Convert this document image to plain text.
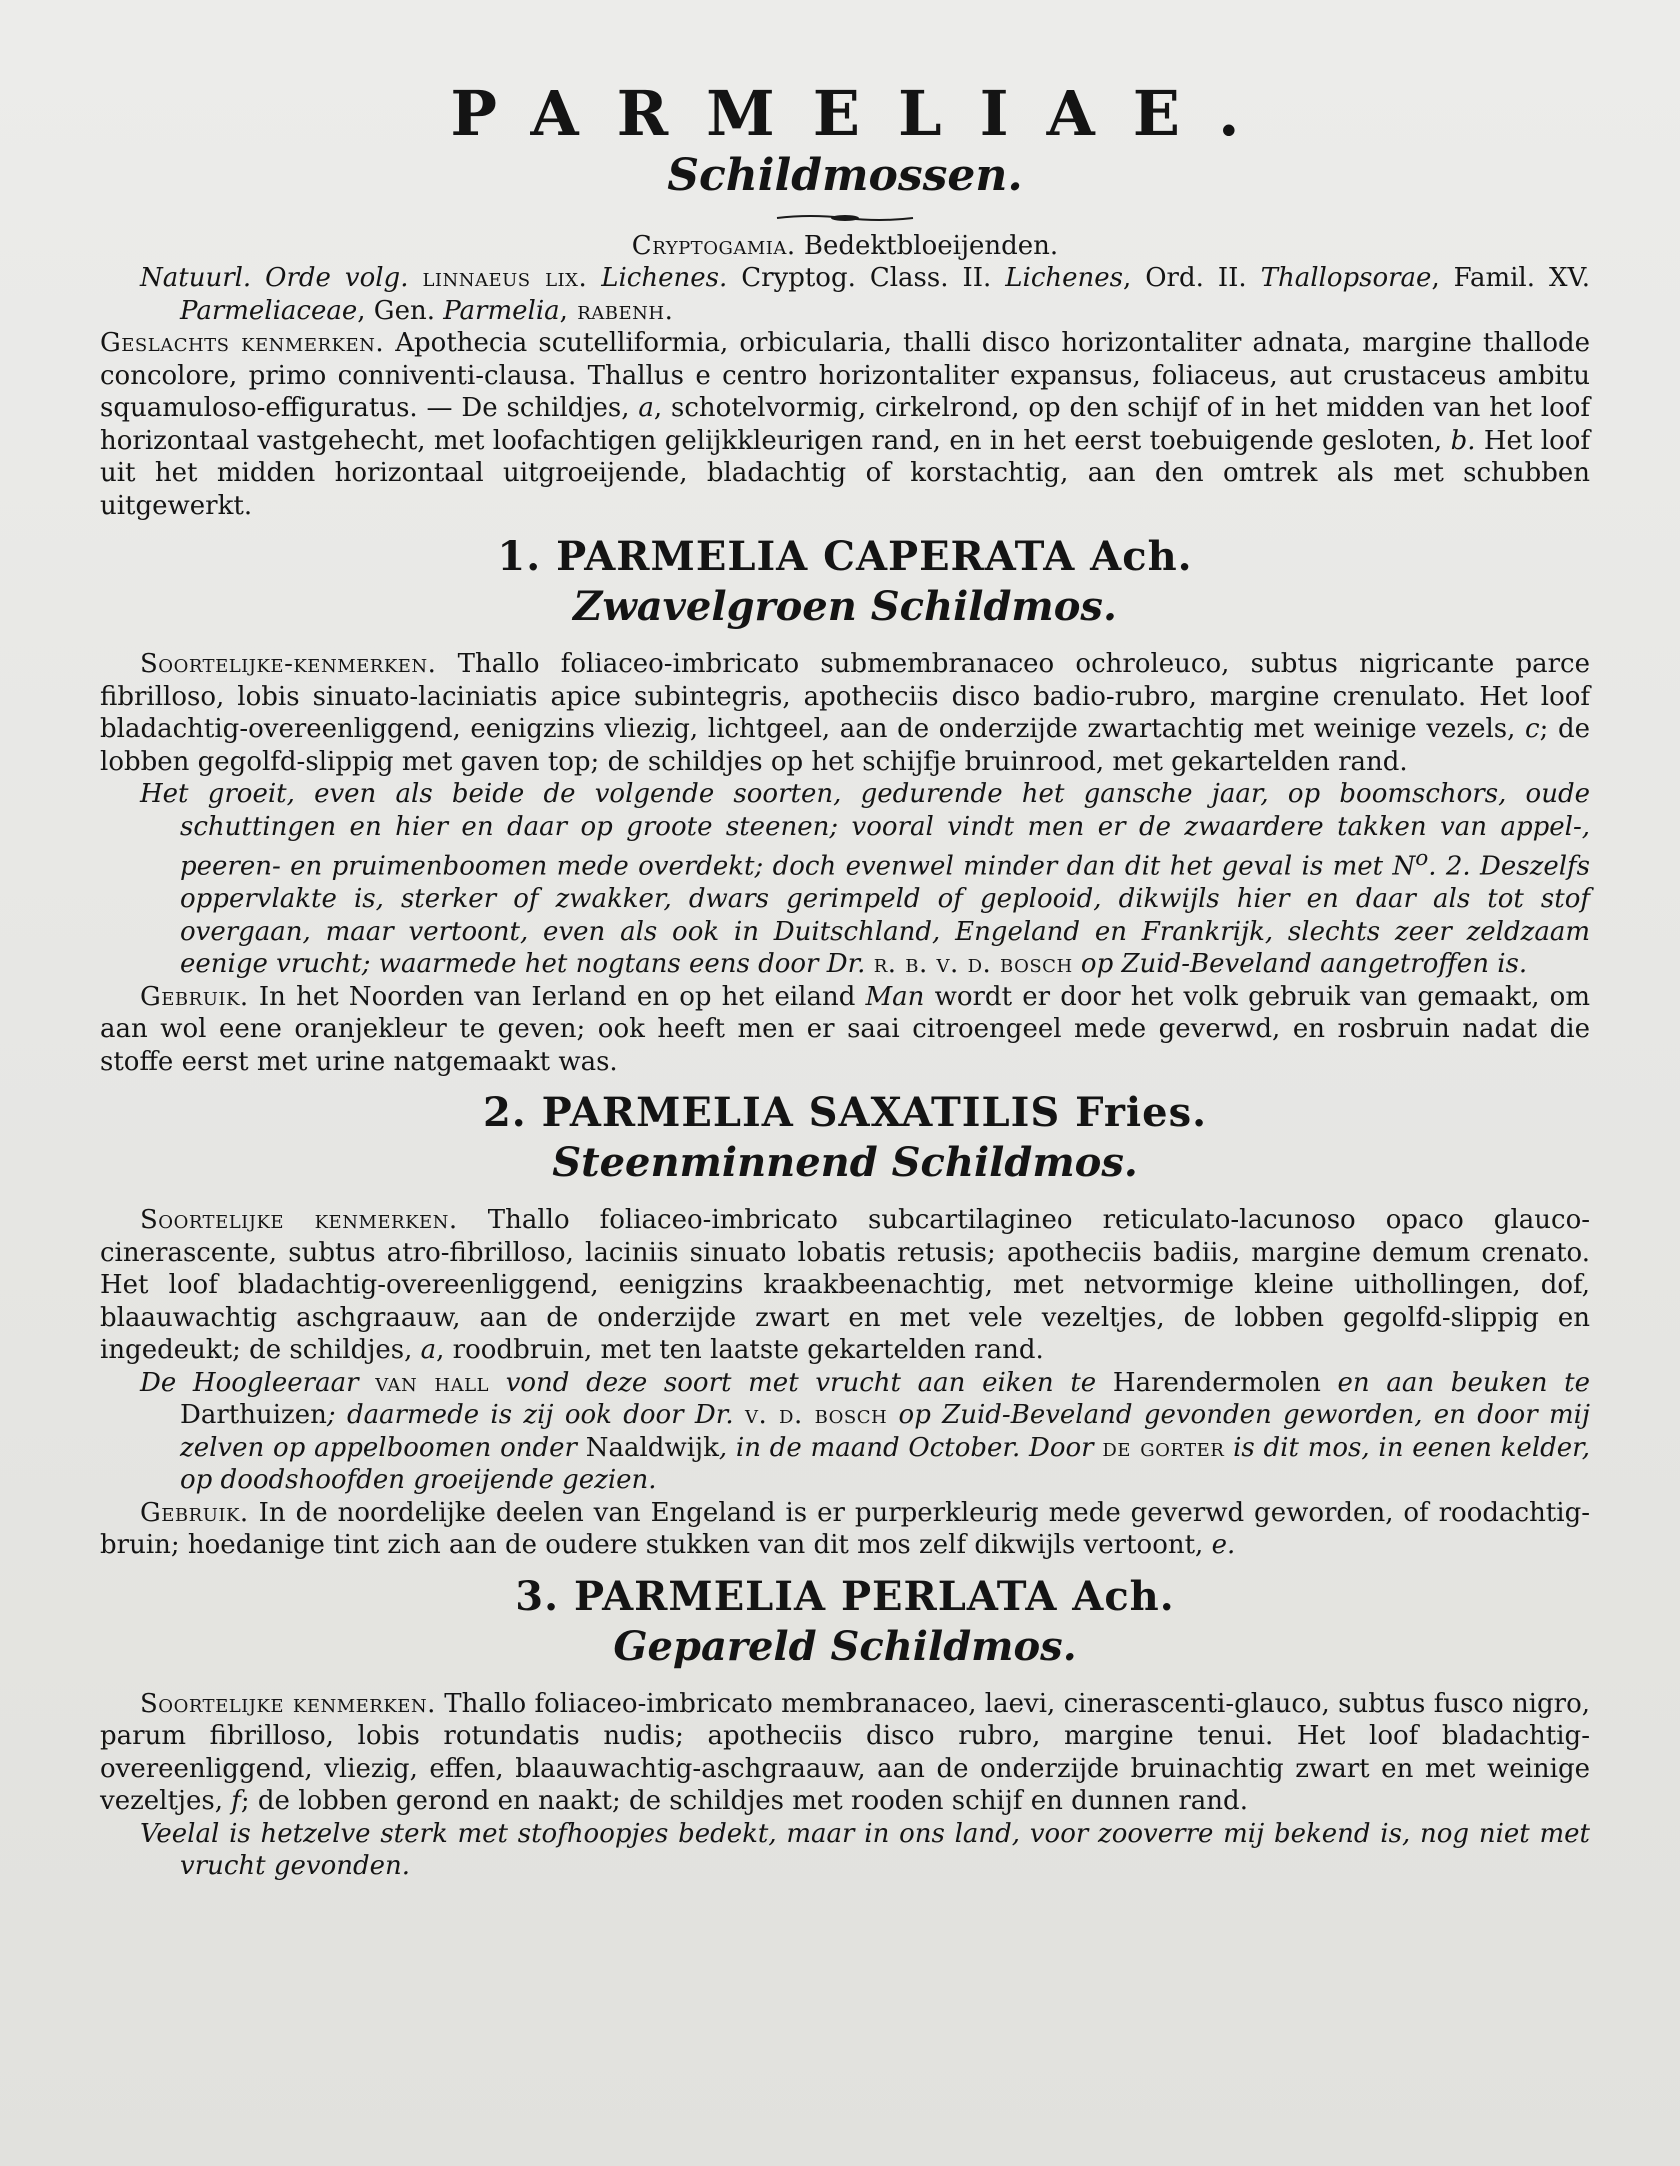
PARMELIAE.
Schildmossen.

Cryptogamia. Bedektbloeijenden.

Natuurl. Orde volg. linnaeus lix. Lichenes. Cryptog. Class. II. Lichenes, Ord. II. Thallopsorae, Famil. XV. Parmeliaceae, Gen. Parmelia, rabenh.

Geslachts kenmerken. Apothecia scutelliformia, orbicularia, thalli disco horizontaliter adnata, margine thallode concolore, primo conniventi-clausa. Thallus e centro horizontaliter expansus, foliaceus, aut crustaceus ambitu squamuloso-effiguratus. — De schildjes, a, schotelvormig, cirkelrond, op den schijf of in het midden van het loof horizontaal vastgehecht, met loofachtigen gelijkkleurigen rand, en in het eerst toebuigende gesloten, b. Het loof uit het midden horizontaal uitgroeijende, bladachtig of korstachtig, aan den omtrek als met schubben uitgewerkt.

1. PARMELIA CAPERATA Ach.
Zwavelgroen Schildmos.

Soortelijke-kenmerken. Thallo foliaceo-imbricato submembranaceo ochroleuco, subtus nigricante parce fibrilloso, lobis sinuato-laciniatis apice subintegris, apotheciis disco badio-rubro, margine crenulato. Het loof bladachtig-overeenliggend, eenigzins vliezig, lichtgeel, aan de onderzijde zwartachtig met weinige vezels, c; de lobben gegolfd-slippig met gaven top; de schildjes op het schijfje bruinrood, met gekartelden rand.

Het groeit, even als beide de volgende soorten, gedurende het gansche jaar, op boomschors, oude schuttingen en hier en daar op groote steenen; vooral vindt men er de zwaardere takken van appel-, peeren- en pruimenboomen mede overdekt; doch evenwel minder dan dit het geval is met $N^o$. 2. Deszelfs oppervlakte is, sterker of zwakker, dwars gerimpeld of geplooid, dikwijls hier en daar als tot stof overgaan, maar vertoont, even als ook in Duitschland, Engeland en Frankrijk, slechts zeer zeldzaam eenige vrucht; waarmede het nogtans eens door Dr. r. b. v. d. bosch op Zuid-Beveland aangetroffen is.

Gebruik. In het Noorden van Ierland en op het eiland Man wordt er door het volk gebruik van gemaakt, om aan wol eene oranjekleur te geven; ook heeft men er saai citroengeel mede geverwd, en rosbruin nadat die stoffe eerst met urine natgemaakt was.

2. PARMELIA SAXATILIS Fries.
Steenminnend Schildmos.

Soortelijke kenmerken. Thallo foliaceo-imbricato subcartilagineo reticulato-lacunoso opaco glauco-cinerascente, subtus atro-fibrilloso, laciniis sinuato lobatis retusis; apotheciis badiis, margine demum crenato. Het loof bladachtig-overeenliggend, eenigzins kraakbeenachtig, met netvormige kleine uithollingen, dof, blaauwachtig aschgraauw, aan de onderzijde zwart en met vele vezeltjes, de lobben gegolfd-slippig en ingedeukt; de schildjes, a, roodbruin, met ten laatste gekartelden rand.

De Hoogleeraar van hall vond deze soort met vrucht aan eiken te Harendermolen en aan beuken te Darthuizen; daarmede is zij ook door Dr. v. d. bosch op Zuid-Beveland gevonden geworden, en door mij zelven op appelboomen onder Naaldwijk, in de maand October. Door de gorter is dit mos, in eenen kelder, op doodshoofden groeijende gezien.

Gebruik. In de noordelijke deelen van Engeland is er purperkleurig mede geverwd geworden, of roodachtig-bruin; hoedanige tint zich aan de oudere stukken van dit mos zelf dikwijls vertoont, e.

3. PARMELIA PERLATA Ach.
Gepareld Schildmos.

Soortelijke kenmerken. Thallo foliaceo-imbricato membranaceo, laevi, cinerascenti-glauco, subtus fusco nigro, parum fibrilloso, lobis rotundatis nudis; apotheciis disco rubro, margine tenui. Het loof bladachtig-overeenliggend, vliezig, effen, blaauwachtig-aschgraauw, aan de onderzijde bruinachtig zwart en met weinige vezeltjes, f; de lobben gerond en naakt; de schildjes met rooden schijf en dunnen rand.

Veelal is hetzelve sterk met stofhoopjes bedekt, maar in ons land, voor zooverre mij bekend is, nog niet met vrucht gevonden.
